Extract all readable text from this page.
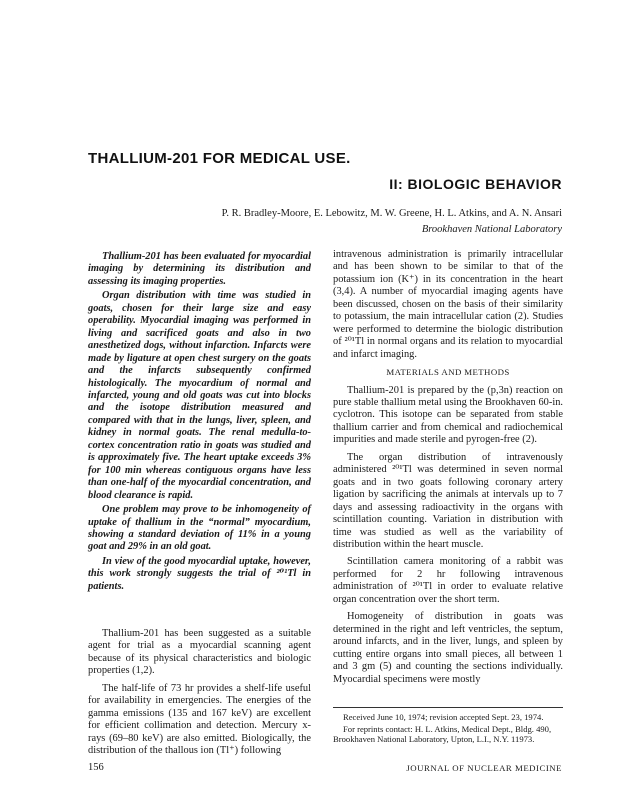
THALLIUM-201 FOR MEDICAL USE.
II: BIOLOGIC BEHAVIOR
P. R. Bradley-Moore, E. Lebowitz, M. W. Greene, H. L. Atkins, and A. N. Ansari
Brookhaven National Laboratory

Thallium-201 has been evaluated for myocardial imaging by determining its distribution and assessing its imaging properties.

Organ distribution with time was studied in goats, chosen for their large size and easy operability. Myocardial imaging was performed in living and sacrificed goats and also in two anesthetized dogs, without infarction. Infarcts were made by ligature at open chest surgery on the goats and the infarcts subsequently confirmed histologically. The myocardium of normal and infarcted, young and old goats was cut into blocks and the isotope distribution measured and compared with that in the lungs, liver, spleen, and kidney in normal goats. The renal medulla-to-cortex concentration ratio in goats was studied and is approximately five. The heart uptake exceeds 3% for 100 min whereas contiguous organs have less than one-half of the myocardial concentration, and blood clearance is rapid.

One problem may prove to be inhomogeneity of uptake of thallium in the “normal” myocardium, showing a standard deviation of 11% in a young goat and 29% in an old goat.

In view of the good myocardial uptake, however, this work strongly suggests the trial of ²⁰¹Tl in patients.

Thallium-201 has been suggested as a suitable agent for trial as a myocardial scanning agent because of its physical characteristics and biologic properties (1,2).

The half-life of 73 hr provides a shelf-life useful for availability in emergencies. The energies of the gamma emissions (135 and 167 keV) are excellent for efficient collimation and detection. Mercury x-rays (69–80 keV) are also emitted. Biologically, the distribution of the thallous ion (Tl⁺) following

intravenous administration is primarily intracellular and has been shown to be similar to that of the potassium ion (K⁺) in its concentration in the heart (3,4). A number of myocardial imaging agents have been discussed, chosen on the basis of their similarity to potassium, the main intracellular cation (2). Studies were performed to determine the biologic distribution of ²⁰¹Tl in normal organs and its relation to myocardial and infarct imaging.

MATERIALS AND METHODS

Thallium-201 is prepared by the (p,3n) reaction on pure stable thallium metal using the Brookhaven 60-in. cyclotron. This isotope can be separated from stable thallium carrier and from chemical and radiochemical impurities and made sterile and pyrogen-free (2).

The organ distribution of intravenously administered ²⁰¹Tl was determined in seven normal goats and in two goats following coronary artery ligation by sacrificing the animals at intervals up to 7 days and assessing radioactivity in the organs with scintillation counting. Variation in distribution with time was studied as well as the variability of distribution within the heart muscle.

Scintillation camera monitoring of a rabbit was performed for 2 hr following intravenous administration of ²⁰¹Tl in order to evaluate relative organ concentration over the short term.

Homogeneity of distribution in goats was determined in the right and left ventricles, the septum, around infarcts, and in the liver, lungs, and spleen by cutting entire organs into small pieces, all between 1 and 3 gm (5) and counting the sections individually. Myocardial specimens were mostly

Received June 10, 1974; revision accepted Sept. 23, 1974.

For reprints contact: H. L. Atkins, Medical Dept., Bldg. 490, Brookhaven National Laboratory, Upton, L.I., N.Y. 11973.

156	JOURNAL OF NUCLEAR MEDICINE
